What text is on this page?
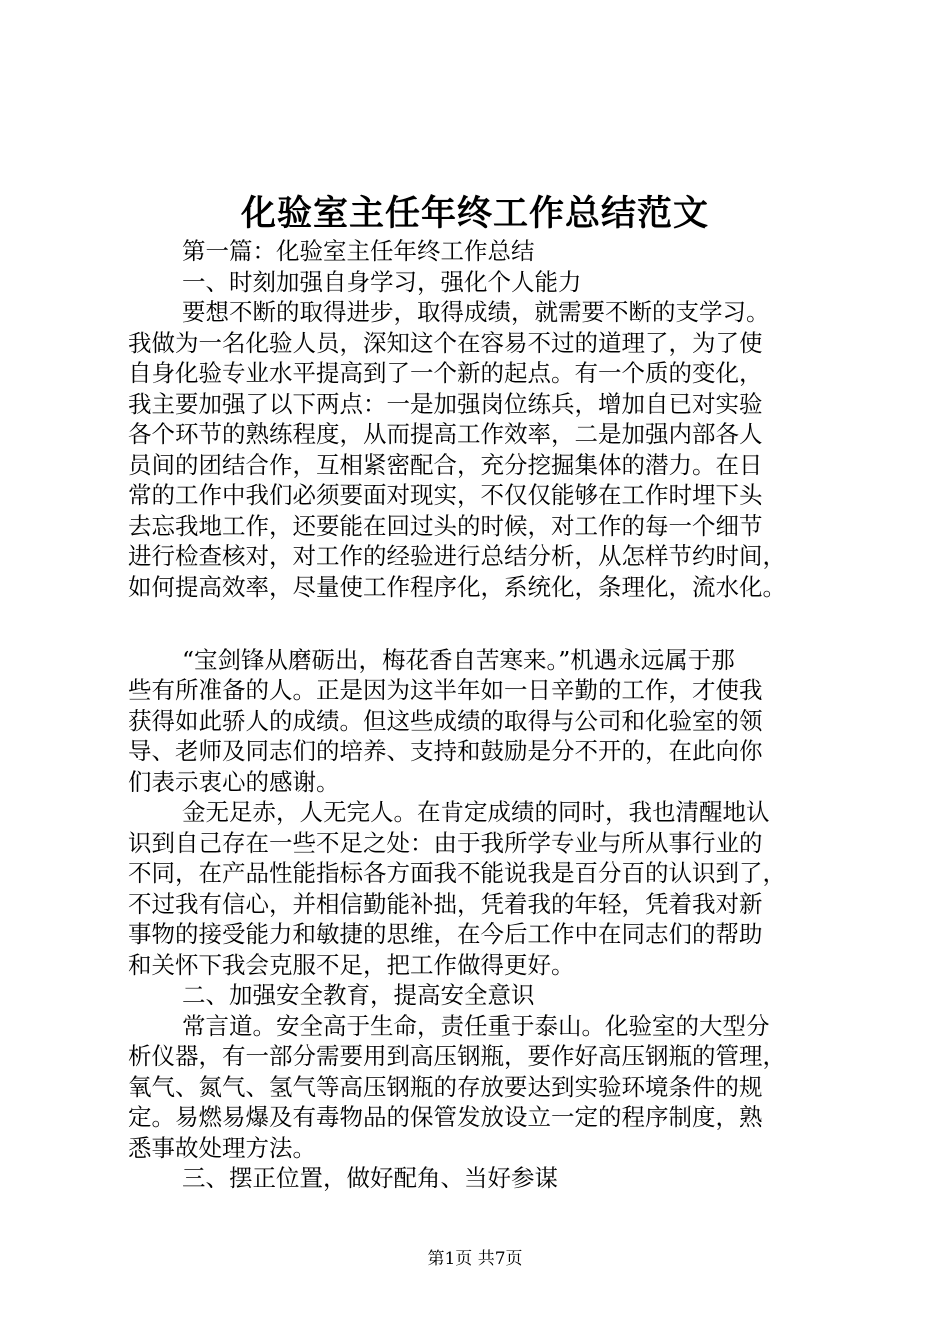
化验室主任年终工作总结范文
第一篇：化验室主任年终工作总结
一、时刻加强自身学习，强化个人能力
要想不断的取得进步，取得成绩，就需要不断的支学习。
我做为一名化验人员，深知这个在容易不过的道理了，为了使
自身化验专业水平提高到了一个新的起点。有一个质的变化，
我主要加强了以下两点：一是加强岗位练兵，增加自已对实验
各个环节的熟练程度，从而提高工作效率，二是加强内部各人
员间的团结合作，互相紧密配合，充分挖掘集体的潜力。在日
常的工作中我们必须要面对现实，不仅仅能够在工作时埋下头
去忘我地工作，还要能在回过头的时候，对工作的每一个细节
进行检查核对，对工作的经验进行总结分析，从怎样节约时间，
如何提高效率，尽量使工作程序化，系统化，条理化，流水化。
“宝剑锋从磨砺出，梅花香自苦寒来。”机遇永远属于那
些有所准备的人。正是因为这半年如一日辛勤的工作，才使我
获得如此骄人的成绩。但这些成绩的取得与公司和化验室的领
导、老师及同志们的培养、支持和鼓励是分不开的，在此向你
们表示衷心的感谢。
金无足赤，人无完人。在肯定成绩的同时，我也清醒地认
识到自己存在一些不足之处：由于我所学专业与所从事行业的
不同，在产品性能指标各方面我不能说我是百分百的认识到了，
不过我有信心，并相信勤能补拙，凭着我的年轻，凭着我对新
事物的接受能力和敏捷的思维，在今后工作中在同志们的帮助
和关怀下我会克服不足，把工作做得更好。
二、加强安全教育，提高安全意识
常言道。安全高于生命，责任重于泰山。化验室的大型分
析仪器，有一部分需要用到高压钢瓶，要作好高压钢瓶的管理，
氧气、氮气、氢气等高压钢瓶的存放要达到实验环境条件的规
定。易燃易爆及有毒物品的保管发放设立一定的程序制度，熟
悉事故处理方法。
三、摆正位置，做好配角、当好参谋
第1页 共7页
